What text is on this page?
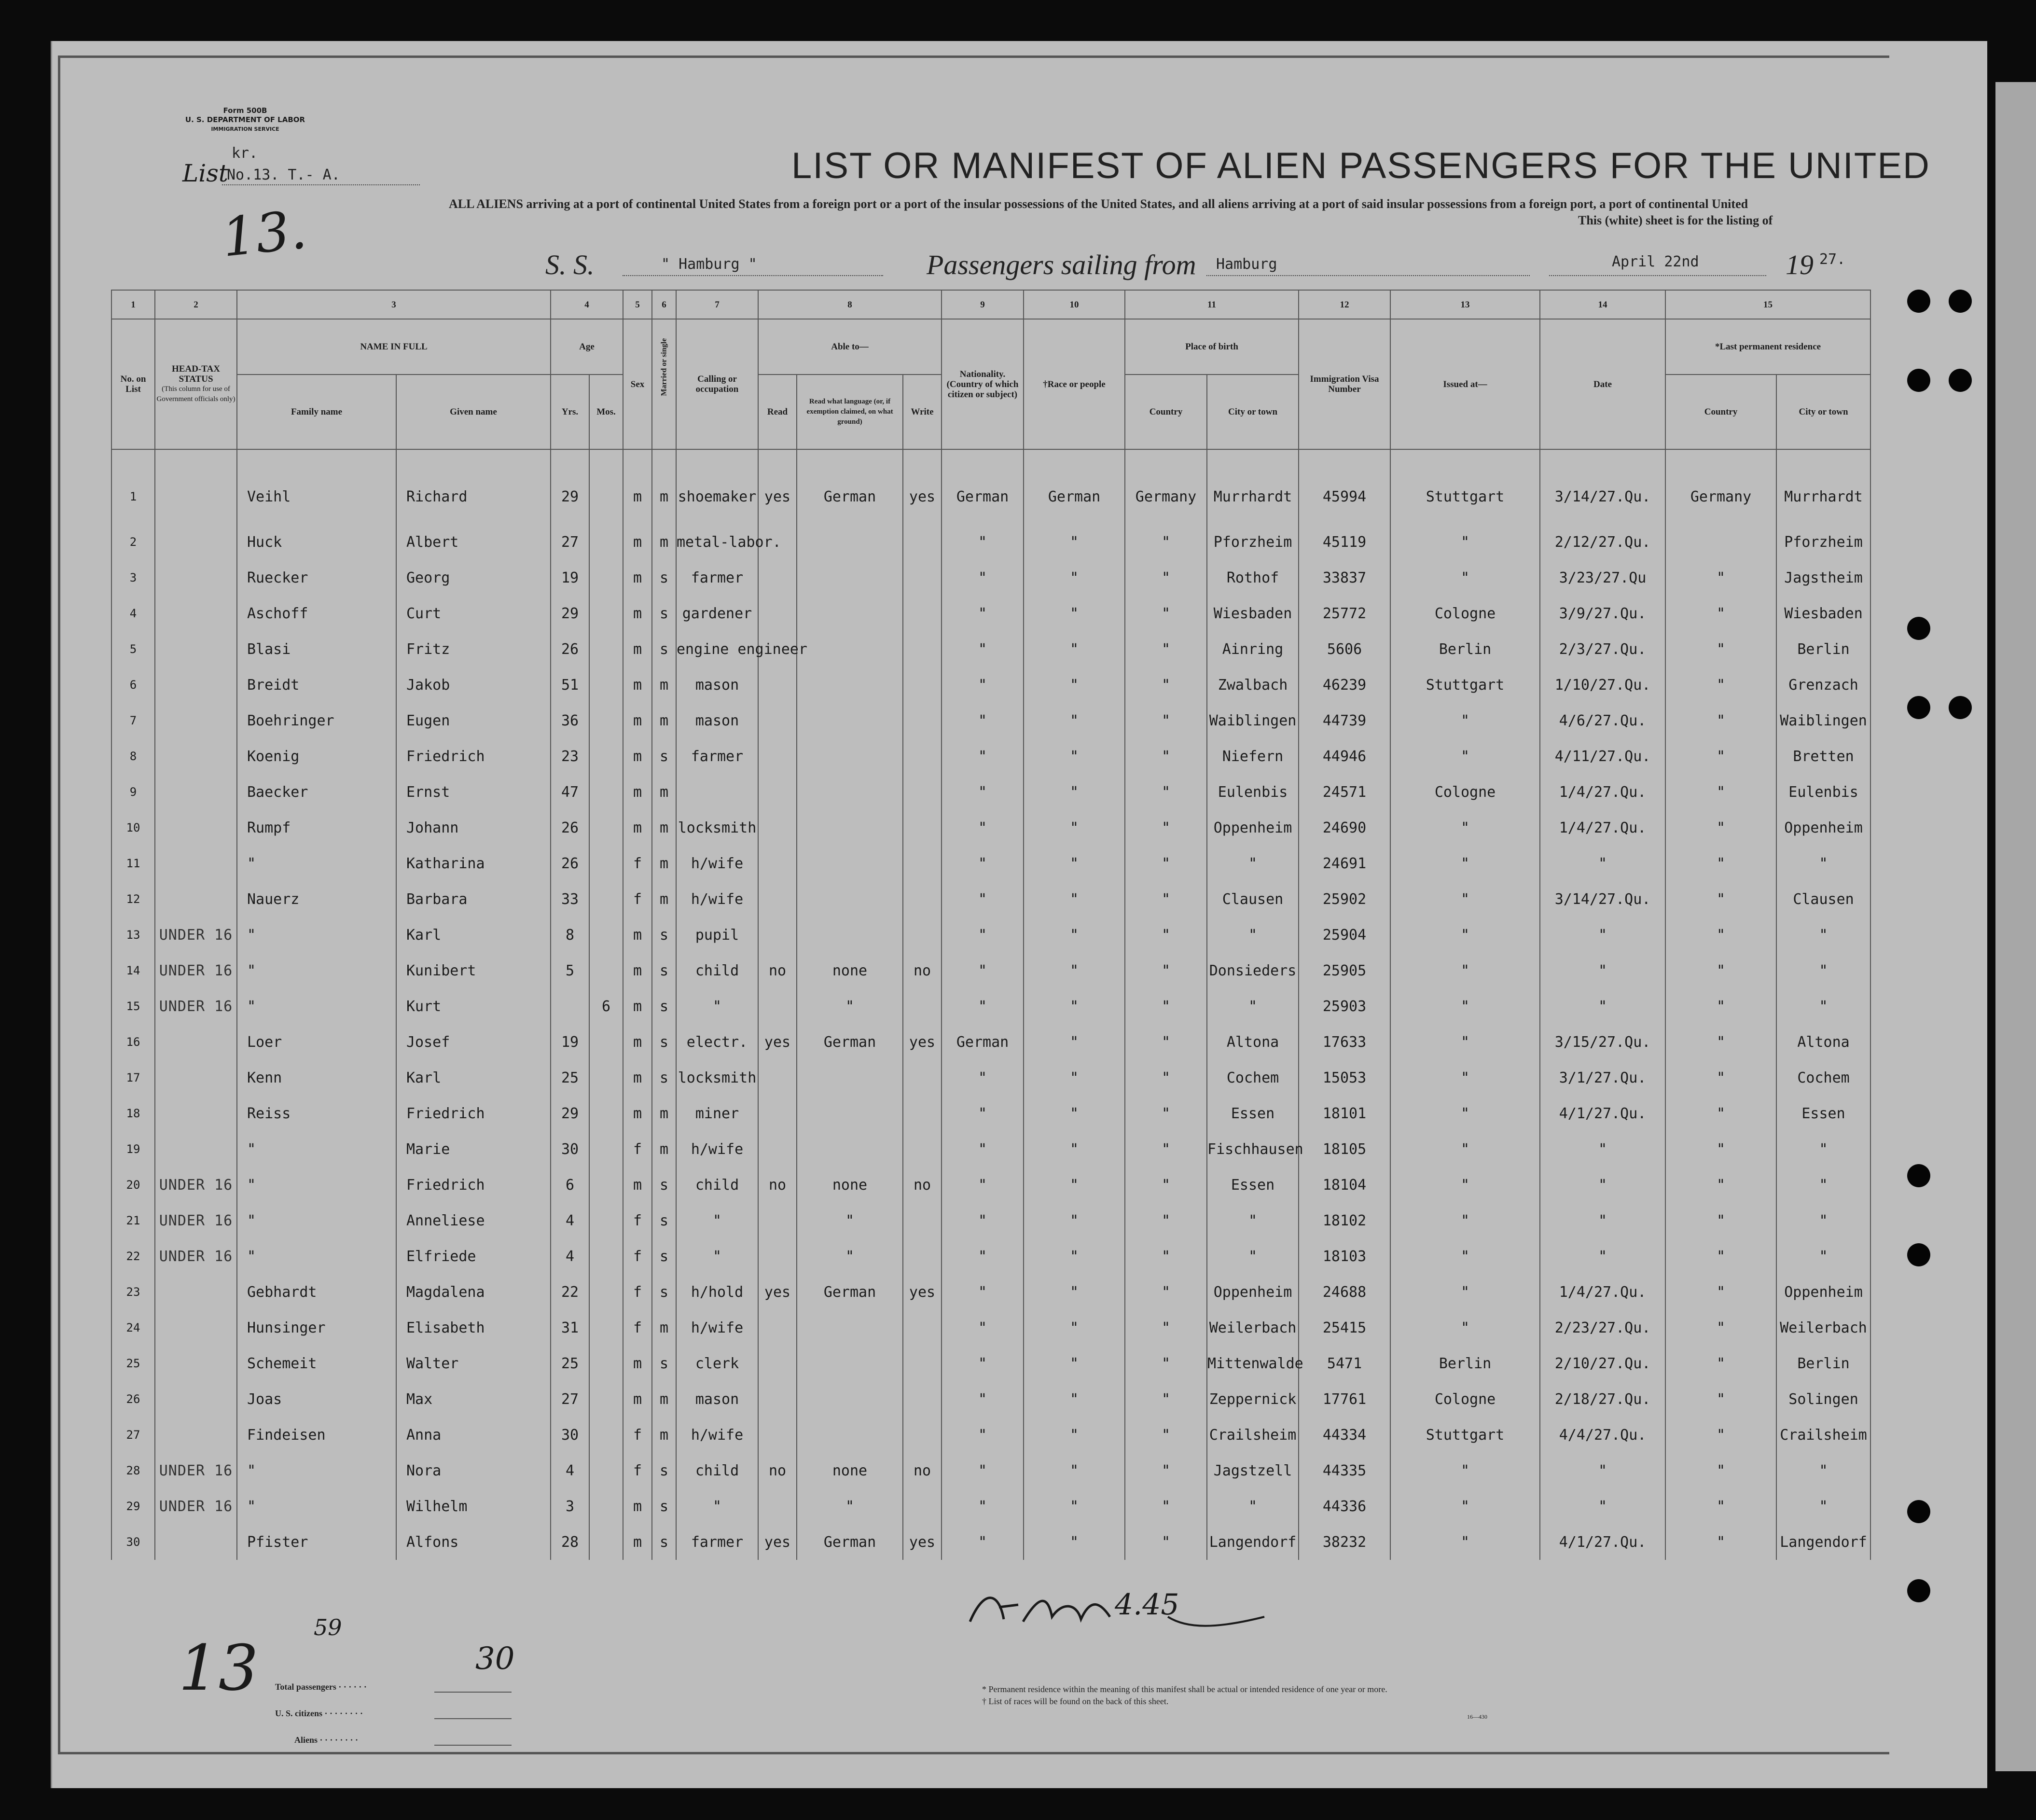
Form 500B
U. S. DEPARTMENT OF LABOR
IMMIGRATION SERVICE
kr.
List
No.13. T.- A.
13.
LIST OR MANIFEST OF ALIEN PASSENGERS FOR THE UNITED
ALL ALIENS arriving at a port of continental United States from a foreign port or a port of the insular possessions of the United States, and all aliens arriving at a port of said insular possessions from a foreign port, a port of continental United
This (white) sheet is for the listing of
S. S.	" Hamburg "	Passengers sailing from Hamburg	April 22nd	19 27.
1	2	3		4		5	6	7	8			9	10	11		12	13	14	15	
No. on List	HEAD-TAX STATUS
(This column for use of Government officials only)	NAME IN FULL		Age		Sex	Married or single	Calling or occupation	Able to—			Nationality. (Country of which citizen or subject)	†Race or people	Place of birth		Immigration Visa Number	Issued at—	Date	*Last permanent residence	
		Family name	Given name	Yrs.	Mos.				Read	Read what language (or, if exemption claimed, on what ground)	Write			Country	City or town				Country	City or town
1		Veihl	Richard	29		m	m	shoemaker	yes	German	yes	German	German	Germany	Murrhardt	45994	Stuttgart	3/14/27.Qu.	Germany	Murrhardt
2		Huck	Albert	27		m	m	metal-labor.				"	"	"	Pforzheim	45119	"	2/12/27.Qu.		Pforzheim
3		Ruecker	Georg	19		m	s	farmer				"	"	"	Rothof	33837	"	3/23/27.Qu	"	Jagstheim
4		Aschoff	Curt	29		m	s	gardener				"	"	"	Wiesbaden	25772	Cologne	3/9/27.Qu.	"	Wiesbaden
5		Blasi	Fritz	26		m	s	engine engineer				"	"	"	Ainring	5606	Berlin	2/3/27.Qu.	"	Berlin
6		Breidt	Jakob	51		m	m	mason				"	"	"	Zwalbach	46239	Stuttgart	1/10/27.Qu.	"	Grenzach
7		Boehringer	Eugen	36		m	m	mason				"	"	"	Waiblingen	44739	"	4/6/27.Qu.	"	Waiblingen
8		Koenig	Friedrich	23		m	s	farmer				"	"	"	Niefern	44946	"	4/11/27.Qu.	"	Bretten
9		Baecker	Ernst	47		m	m					"	"	"	Eulenbis	24571	Cologne	1/4/27.Qu.	"	Eulenbis
10		Rumpf	Johann	26		m	m	locksmith				"	"	"	Oppenheim	24690	"	1/4/27.Qu.	"	Oppenheim
11		"	Katharina	26		f	m	h/wife				"	"	"	"	24691	"	"	"	"
12		Nauerz	Barbara	33		f	m	h/wife				"	"	"	Clausen	25902	"	3/14/27.Qu.	"	Clausen
13	UNDER 16	"	Karl	8		m	s	pupil				"	"	"	"	25904	"	"	"	"
14	UNDER 16	"	Kunibert	5		m	s	child	no	none	no	"	"	"	Donsieders	25905	"	"	"	"
15	UNDER 16	"	Kurt		6	m	s	"		"		"	"	"	"	25903	"	"	"	"
16		Loer	Josef	19		m	s	electr.	yes	German	yes	German	"	"	Altona	17633	"	3/15/27.Qu.	"	Altona
17		Kenn	Karl	25		m	s	locksmith				"	"	"	Cochem	15053	"	3/1/27.Qu.	"	Cochem
18		Reiss	Friedrich	29		m	m	miner				"	"	"	Essen	18101	"	4/1/27.Qu.	"	Essen
19		"	Marie	30		f	m	h/wife				"	"	"	Fischhausen	18105	"	"	"	"
20	UNDER 16	"	Friedrich	6		m	s	child	no	none	no	"	"	"	Essen	18104	"	"	"	"
21	UNDER 16	"	Anneliese	4		f	s	"		"		"	"	"	"	18102	"	"	"	"
22	UNDER 16	"	Elfriede	4		f	s	"		"		"	"	"	"	18103	"	"	"	"
23		Gebhardt	Magdalena	22		f	s	h/hold	yes	German	yes	"	"	"	Oppenheim	24688	"	1/4/27.Qu.	"	Oppenheim
24		Hunsinger	Elisabeth	31		f	m	h/wife				"	"	"	Weilerbach	25415	"	2/23/27.Qu.	"	Weilerbach
25		Schemeit	Walter	25		m	s	clerk				"	"	"	Mittenwalde	5471	Berlin	2/10/27.Qu.	"	Berlin
26		Joas	Max	27		m	m	mason				"	"	"	Zeppernick	17761	Cologne	2/18/27.Qu.	"	Solingen
27		Findeisen	Anna	30		f	m	h/wife				"	"	"	Crailsheim	44334	Stuttgart	4/4/27.Qu.	"	Crailsheim
28	UNDER 16	"	Nora	4		f	s	child	no	none	no	"	"	"	Jagstzell	44335	"	"	"	"
29	UNDER 16	"	Wilhelm	3		m	s	"		"		"	"	"	"	44336	"	"	"	"
30		Pfister	Alfons	28		m	s	farmer	yes	German	yes	"	"	"	Langendorf	38232	"	4/1/27.Qu.	"	Langendorf
59
13	30
4.45
Total passengers · · · · · ·
U. S. citizens · · · · · · · ·
Aliens · · · · · · · ·
* Permanent residence within the meaning of this manifest shall be actual or intended residence of one year or more.
† List of races will be found on the back of this sheet.
16—430
